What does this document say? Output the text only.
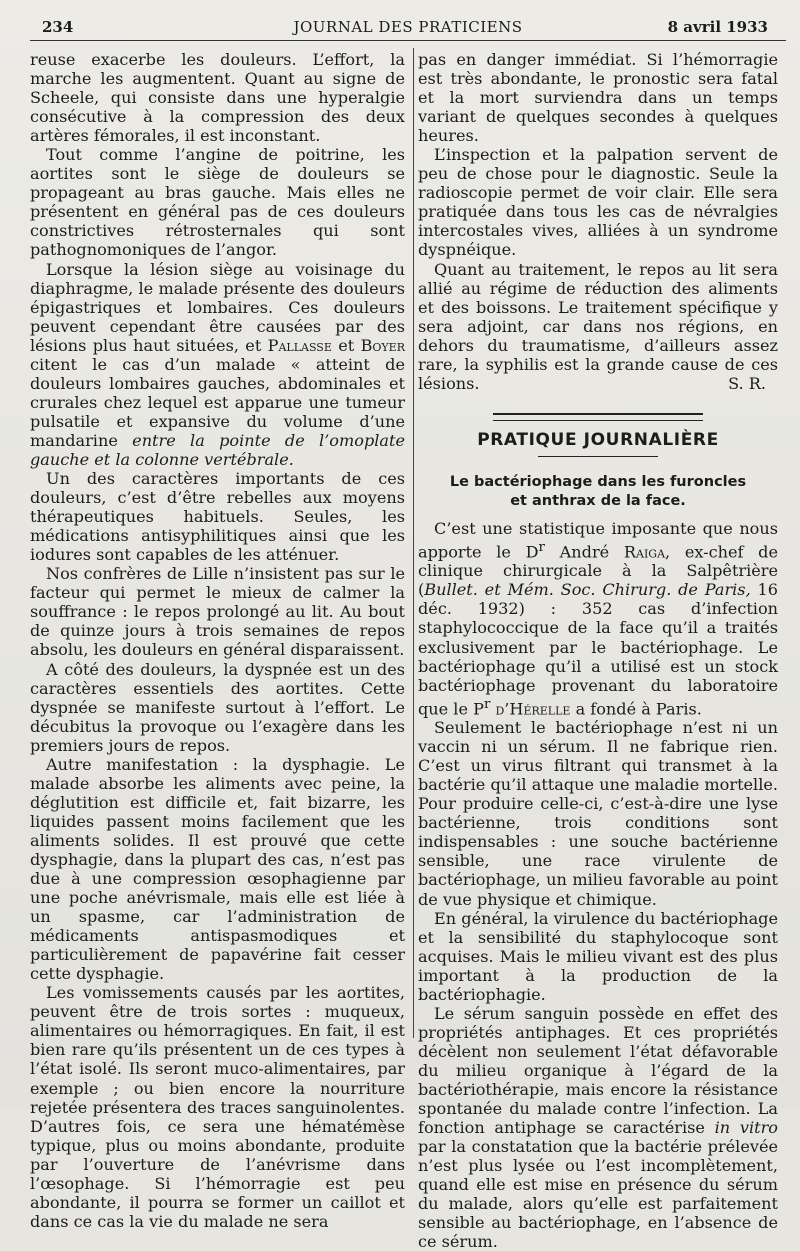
234	JOURNAL DES PRATICIENS	8 avril 1933

reuse exacerbe les douleurs. L’effort, la marche les augmentent. Quant au signe de Scheele, qui consiste dans une hyperalgie consécutive à la compression des deux artères fémorales, il est inconstant.

Tout comme l’angine de poitrine, les aortites sont le siège de douleurs se propageant au bras gauche. Mais elles ne présentent en général pas de ces douleurs constrictives rétrosternales qui sont pathognomoniques de l’angor.

Lorsque la lésion siège au voisinage du diaphragme, le malade présente des douleurs épigastriques et lombaires. Ces douleurs peuvent cependant être causées par des lésions plus haut situées, et Pallasse et Boyer citent le cas d’un malade « atteint de douleurs lombaires gauches, abdominales et crurales chez lequel est apparue une tumeur pulsatile et expansive du volume d’une mandarine entre la pointe de l’omoplate gauche et la colonne vertébrale.

Un des caractères importants de ces douleurs, c’est d’être rebelles aux moyens thérapeutiques habituels. Seules, les médications antisyphilitiques ainsi que les iodures sont capables de les atténuer.

Nos confrères de Lille n’insistent pas sur le facteur qui permet le mieux de calmer la souffrance : le repos prolongé au lit. Au bout de quinze jours à trois semaines de repos absolu, les douleurs en général disparaissent.

A côté des douleurs, la dyspnée est un des caractères essentiels des aortites. Cette dyspnée se manifeste surtout à l’effort. Le décubitus la provoque ou l’exagère dans les premiers jours de repos.

Autre manifestation : la dysphagie. Le malade absorbe les aliments avec peine, la déglutition est difficile et, fait bizarre, les liquides passent moins facilement que les aliments solides. Il est prouvé que cette dysphagie, dans la plupart des cas, n’est pas due à une compression œsophagienne par une poche anévrismale, mais elle est liée à un spasme, car l’administration de médicaments antispasmodiques et particulièrement de papavérine fait cesser cette dysphagie.

Les vomissements causés par les aortites, peuvent être de trois sortes : muqueux, alimentaires ou hémorragiques. En fait, il est bien rare qu’ils présentent un de ces types à l’état isolé. Ils seront muco-alimentaires, par exemple ; ou bien encore la nourriture rejetée présentera des traces sanguinolentes. D’autres fois, ce sera une hématémèse typique, plus ou moins abondante, produite par l’ouverture de l’anévrisme dans l’œsophage. Si l’hémorragie est peu abondante, il pourra se former un caillot et dans ce cas la vie du malade ne sera

pas en danger immédiat. Si l’hémorragie est très abondante, le pronostic sera fatal et la mort surviendra dans un temps variant de quelques secondes à quelques heures.

L’inspection et la palpation servent de peu de chose pour le diagnostic. Seule la radioscopie permet de voir clair. Elle sera pratiquée dans tous les cas de névralgies intercostales vives, alliées à un syndrome dyspnéique.

Quant au traitement, le repos au lit sera allié au régime de réduction des aliments et des boissons. Le traitement spécifique y sera adjoint, car dans nos régions, en dehors du traumatisme, d’ailleurs assez rare, la syphilis est la grande cause de ces lésions.	S. R.

PRATIQUE JOURNALIÈRE
Le bactériophage dans les furoncles
et anthrax de la face.

C’est une statistique imposante que nous apporte le $D^r$ André Raiga, ex-chef de clinique chirurgicale à la Salpêtrière (Bullet. et Mém. Soc. Chirurg. de Paris, 16 déc. 1932) : 352 cas d’infection staphylococcique de la face qu’il a traités exclusivement par le bactériophage. Le bactériophage qu’il a utilisé est un stock bactériophage provenant du laboratoire que le $P^r$ d’Hérelle a fondé à Paris.

Seulement le bactériophage n’est ni un vaccin ni un sérum. Il ne fabrique rien. C’est un virus filtrant qui transmet à la bactérie qu’il attaque une maladie mortelle. Pour produire celle-ci, c’est-à-dire une lyse bactérienne, trois conditions sont indispensables : une souche bactérienne sensible, une race virulente de bactériophage, un milieu favorable au point de vue physique et chimique.

En général, la virulence du bactériophage et la sensibilité du staphylocoque sont acquises. Mais le milieu vivant est des plus important à la production de la bactériophagie.

Le sérum sanguin possède en effet des propriétés antiphages. Et ces propriétés décèlent non seulement l’état défavorable du milieu organique à l’égard de la bactériothérapie, mais encore la résistance spontanée du malade contre l’infection. La fonction antiphage se caractérise in vitro par la constatation que la bactérie prélevée n’est plus lysée ou l’est incomplètement, quand elle est mise en présence du sérum du malade, alors qu’elle est parfaitement sensible au bactériophage, en l’absence de ce sérum.
